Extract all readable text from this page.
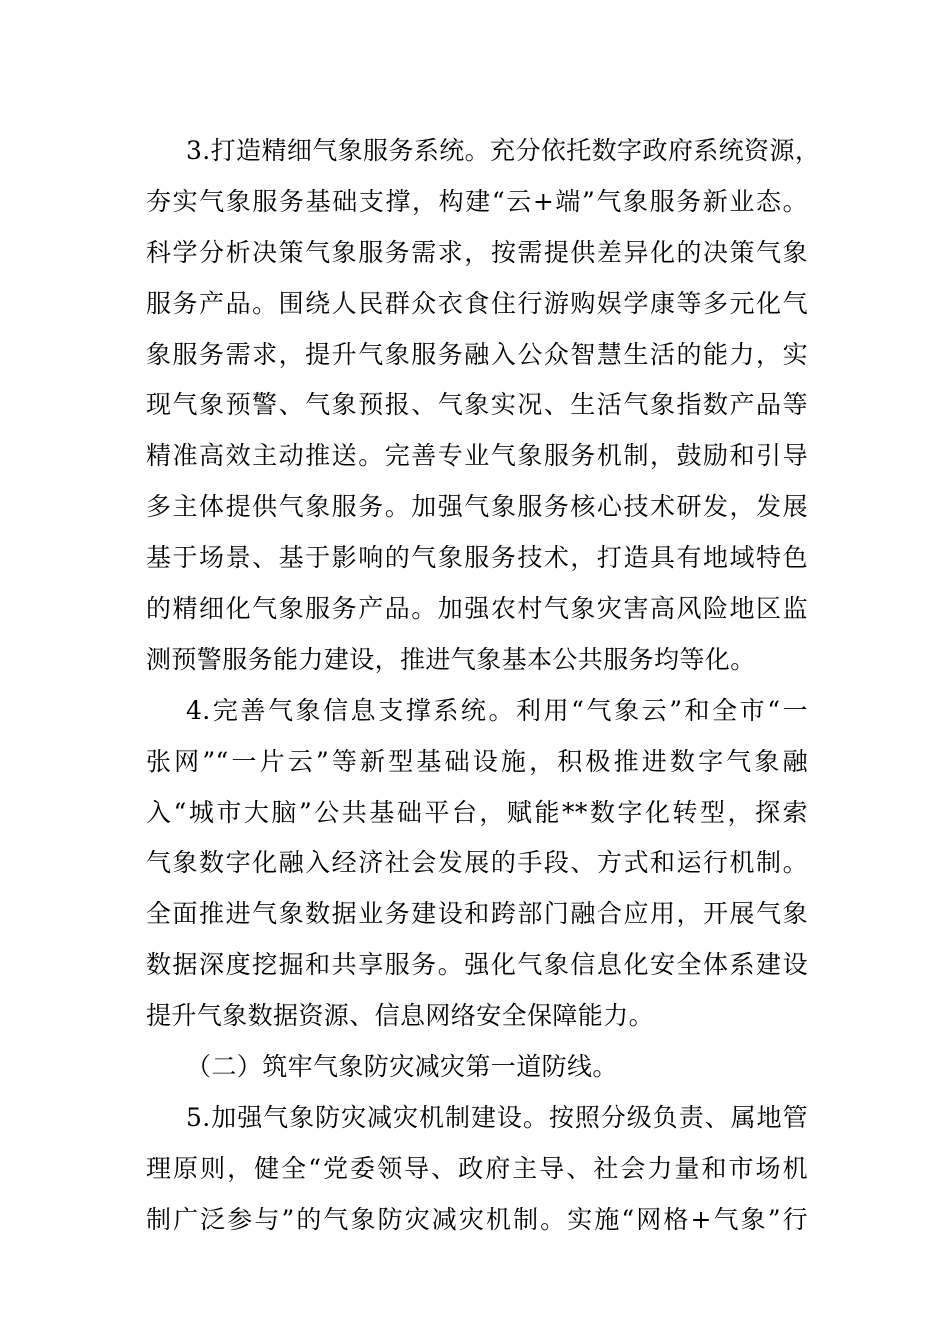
3.打造精细气象服务系统。充分依托数字政府系统资源，
夯实气象服务基础支撑，构建“云+端”气象服务新业态。
科学分析决策气象服务需求，按需提供差异化的决策气象
服务产品。围绕人民群众衣食住行游购娱学康等多元化气
象服务需求，提升气象服务融入公众智慧生活的能力，实
现气象预警、气象预报、气象实况、生活气象指数产品等
精准高效主动推送。完善专业气象服务机制，鼓励和引导
多主体提供气象服务。加强气象服务核心技术研发，发展
基于场景、基于影响的气象服务技术，打造具有地域特色
的精细化气象服务产品。加强农村气象灾害高风险地区监
测预警服务能力建设，推进气象基本公共服务均等化。
4.完善气象信息支撑系统。利用“气象云”和全市“一
张网”“一片云”等新型基础设施，积极推进数字气象融
入“城市大脑”公共基础平台，赋能**数字化转型，探索
气象数字化融入经济社会发展的手段、方式和运行机制。
全面推进气象数据业务建设和跨部门融合应用，开展气象
数据深度挖掘和共享服务。强化气象信息化安全体系建设
提升气象数据资源、信息网络安全保障能力。
（二）筑牢气象防灾减灾第一道防线。
5.加强气象防灾减灾机制建设。按照分级负责、属地管
理原则，健全“党委领导、政府主导、社会力量和市场机
制广泛参与”的气象防灾减灾机制。实施“网格+气象”行
